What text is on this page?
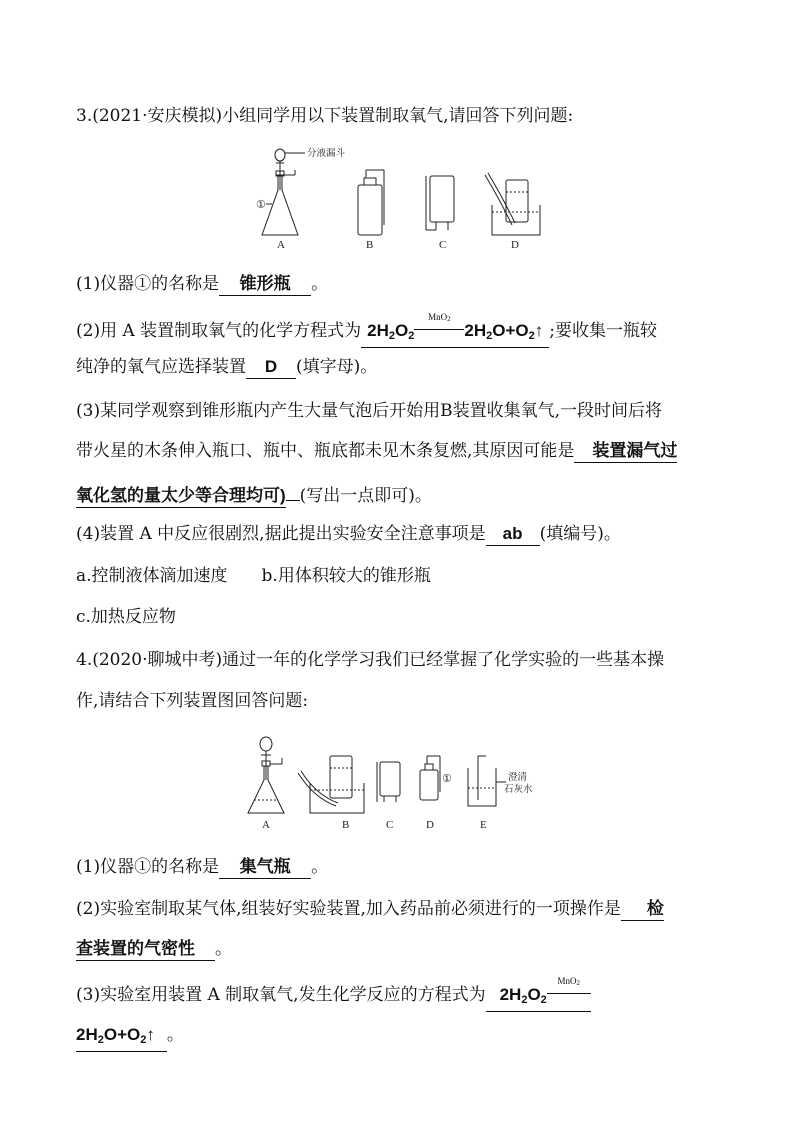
3.(2021·安庆模拟)小组同学用以下装置制取氧气,请回答下列问题:
分液漏斗
①
A	B	C	D
(1)仪器①的名称是 锥形瓶 。
(2)用 A 装置制取氧气的化学方程式为 $2H_2O_2$
MnO$_2$
$2H_2O+O_2↑$ ;要收集一瓶较
纯净的氧气应选择装置 D (填字母)。
(3)某同学观察到锥形瓶内产生大量气泡后开始用B装置收集氧气,一段时间后将
带火星的木条伸入瓶口、瓶中、瓶底都未见木条复燃,其原因可能是 装置漏气过
氧化氢的量太少等合理均可) (写出一点即可)。
(4)装置 A 中反应很剧烈,据此提出实验安全注意事项是 ab (填编号)。
a.控制液体滴加速度 b.用体积较大的锥形瓶
c.加热反应物
4.(2020·聊城中考)通过一年的化学学习我们已经掌握了化学实验的一些基本操
作,请结合下列装置图回答问题:
①	澄清
石灰水
A	B	C	D	E
(1)仪器①的名称是 集气瓶 。
(2)实验室制取某气体,组装好实验装置,加入药品前必须进行的一项操作是 检
查装置的气密性 。
(3)实验室用装置 A 制取氧气,发生化学反应的方程式为 $2H_2O_2$
MnO$_2$
$2H_2O+O_2↑$ 。
